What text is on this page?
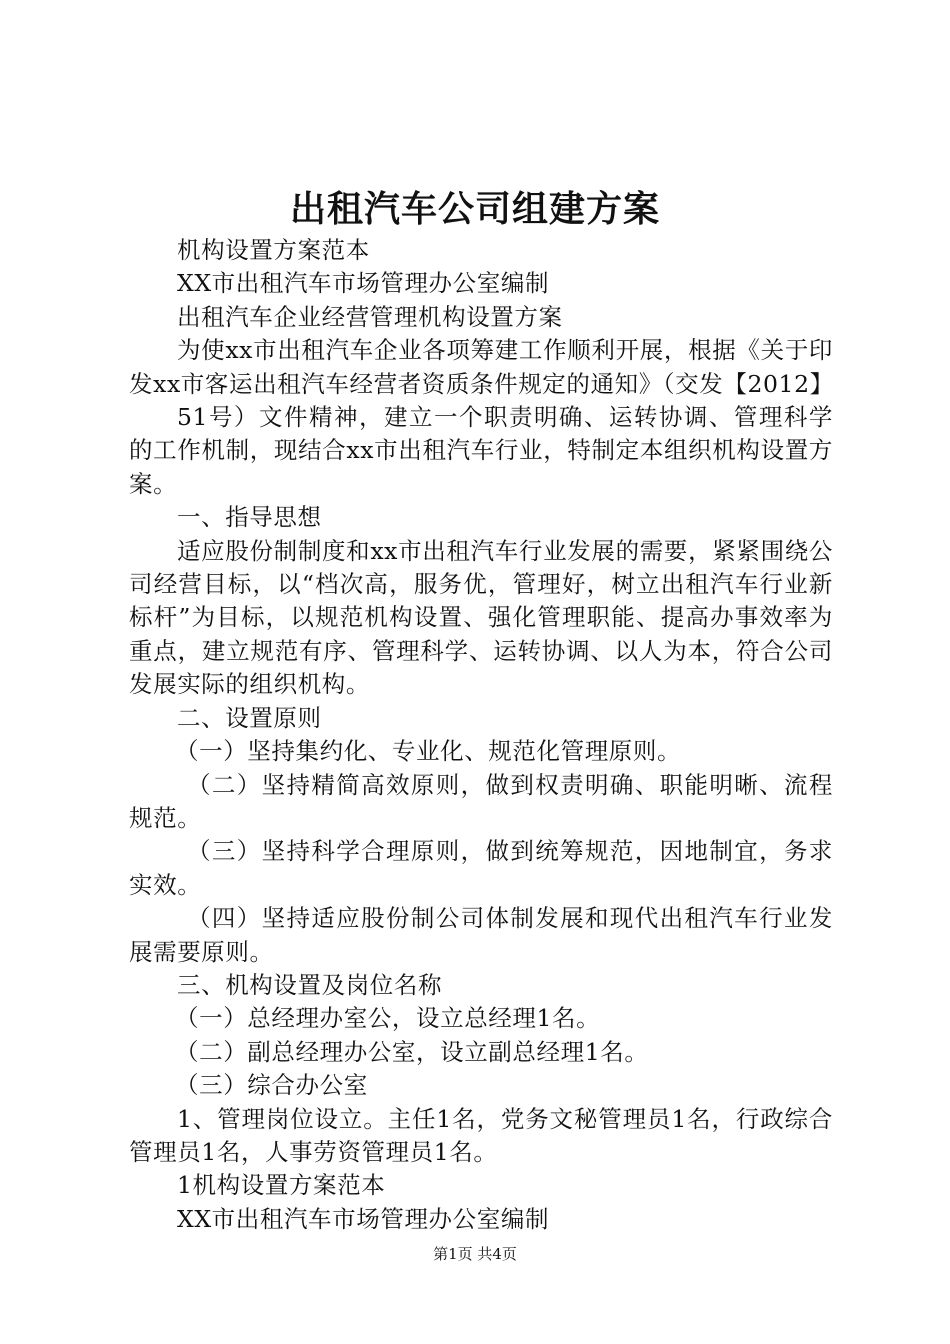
出租汽车公司组建方案

机构设置方案范本

XX市出租汽车市场管理办公室编制

出租汽车企业经营管理机构设置方案

为使xx市出租汽车企业各项筹建工作顺利开展，根据《关于印发xx市客运出租汽车经营者资质条件规定的通知》（交发【2012】

51号）文件精神，建立一个职责明确、运转协调、管理科学的工作机制，现结合xx市出租汽车行业，特制定本组织机构设置方案。

一、指导思想

适应股份制制度和xx市出租汽车行业发展的需要，紧紧围绕公司经营目标，以“档次高，服务优，管理好，树立出租汽车行业新标杆”为目标，以规范机构设置、强化管理职能、提高办事效率为重点，建立规范有序、管理科学、运转协调、以人为本，符合公司发展实际的组织机构。

二、设置原则

（一）坚持集约化、专业化、规范化管理原则。

（二）坚持精简高效原则，做到权责明确、职能明晰、流程规范。

（三）坚持科学合理原则，做到统筹规范，因地制宜，务求实效。

（四）坚持适应股份制公司体制发展和现代出租汽车行业发展需要原则。

三、机构设置及岗位名称

（一）总经理办室公，设立总经理1名。

（二）副总经理办公室，设立副总经理1名。

（三）综合办公室

1、管理岗位设立。主任1名，党务文秘管理员1名，行政综合管理员1名，人事劳资管理员1名。

1机构设置方案范本

XX市出租汽车市场管理办公室编制

第1页 共4页
